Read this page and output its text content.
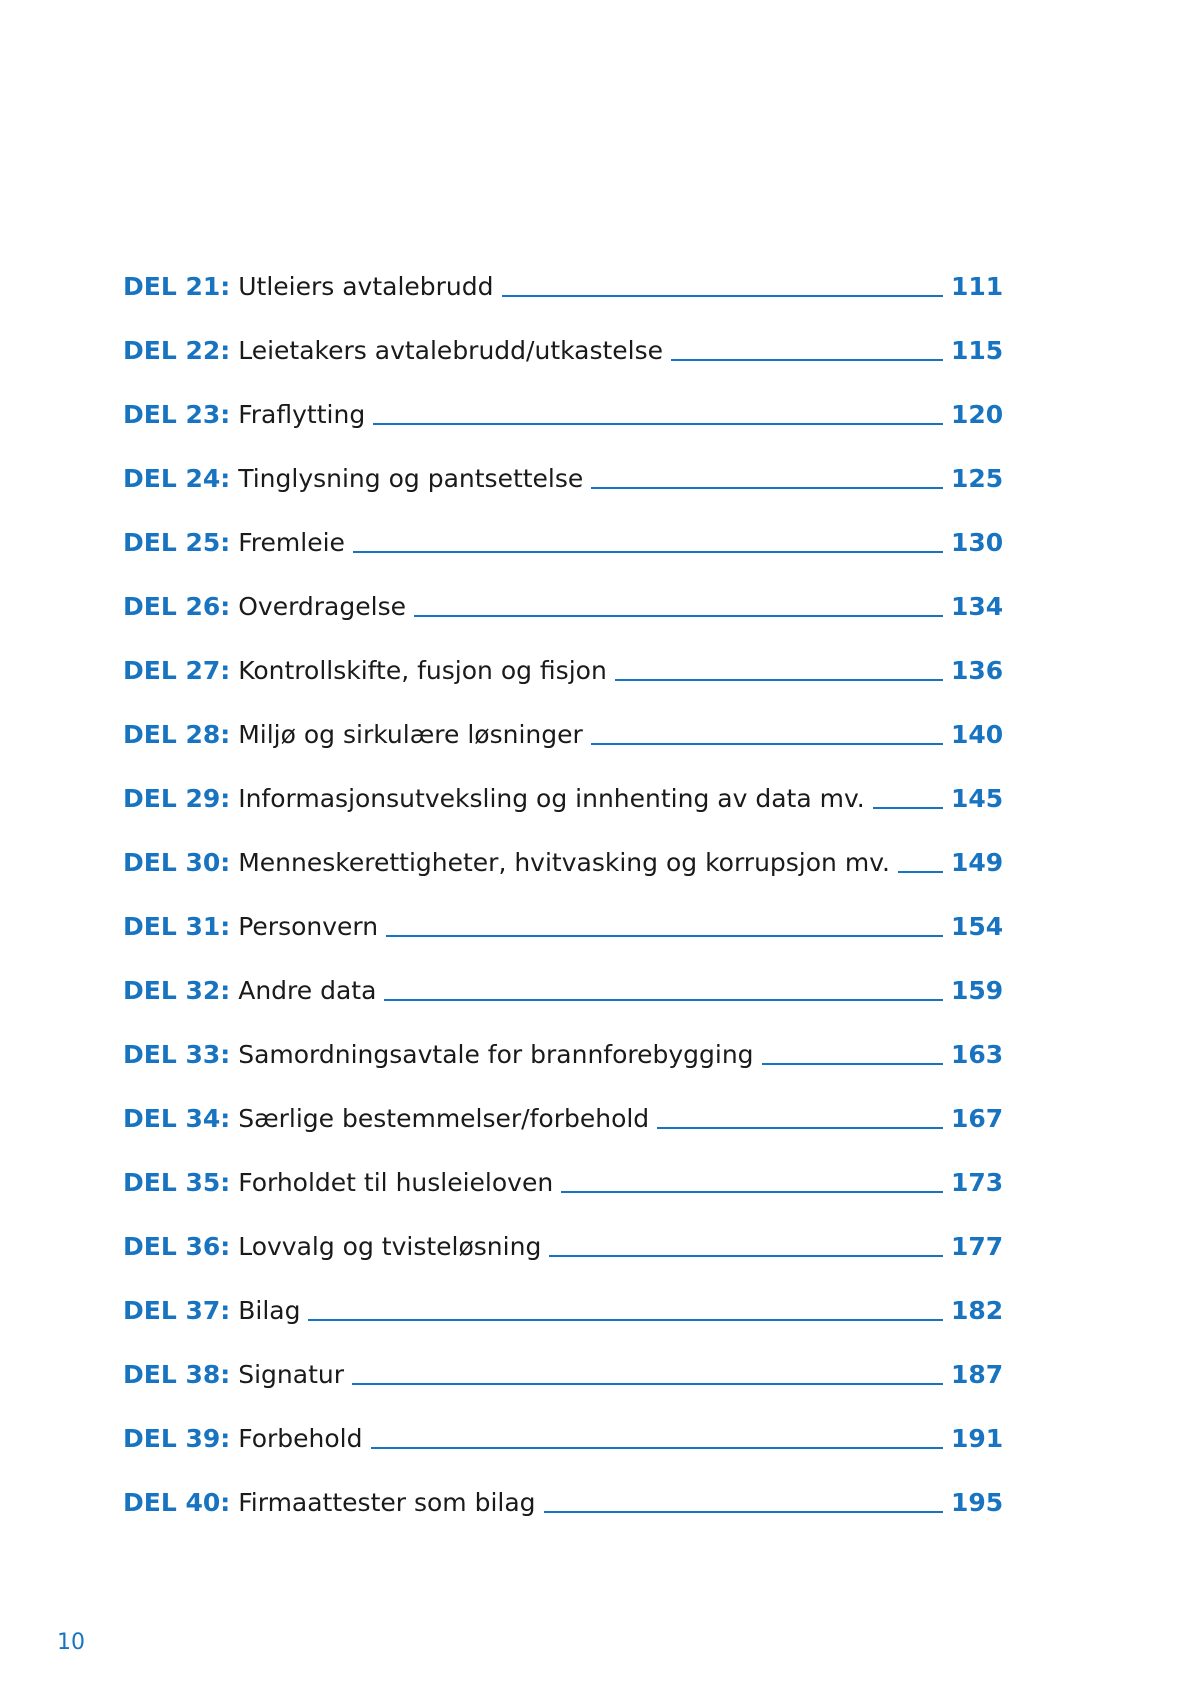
DEL 21: Utleiers avtalebrudd	111
DEL 22: Leietakers avtalebrudd/utkastelse	115
DEL 23: Fraflytting	120
DEL 24: Tinglysning og pantsettelse	125
DEL 25: Fremleie	130
DEL 26: Overdragelse	134
DEL 27: Kontrollskifte, fusjon og fisjon	136
DEL 28: Miljø og sirkulære løsninger	140
DEL 29: Informasjonsutveksling og innhenting av data mv.	145
DEL 30: Menneskerettigheter, hvitvasking og korrupsjon mv. 149
DEL 31: Personvern	154
DEL 32: Andre data	159
DEL 33: Samordningsavtale for brannforebygging	163
DEL 34: Særlige bestemmelser/forbehold	167
DEL 35: Forholdet til husleieloven	173
DEL 36: Lovvalg og tvisteløsning	177
DEL 37: Bilag	182
DEL 38: Signatur	187
DEL 39: Forbehold	191
DEL 40: Firmaattester som bilag	195
10
